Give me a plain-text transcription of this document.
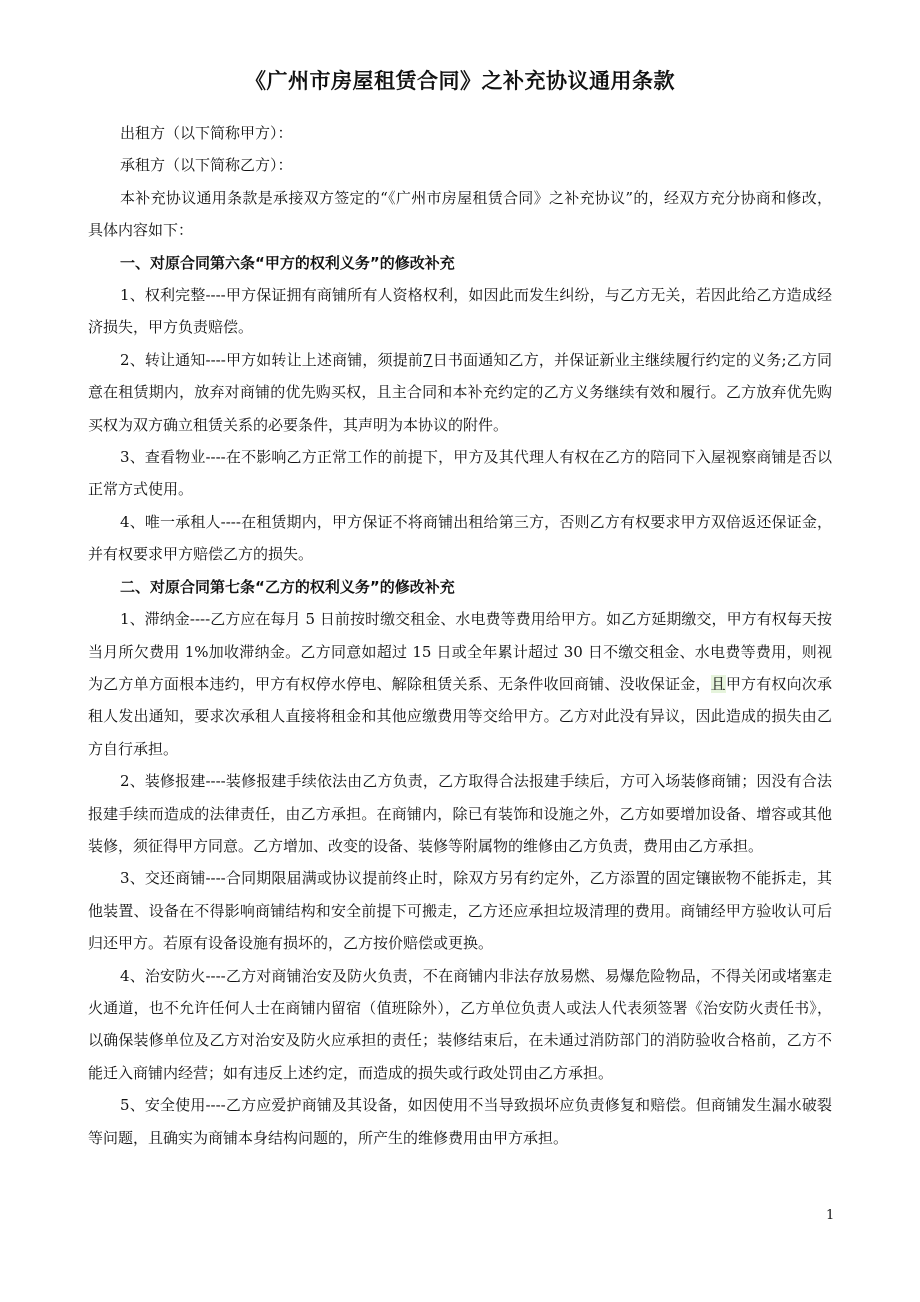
《广州市房屋租赁合同》之补充协议通用条款

出租方（以下简称甲方）：

承租方（以下简称乙方）：

本补充协议通用条款是承接双方签定的“《广州市房屋租赁合同》之补充协议”的，经双方充分协商和修改，具体内容如下：

一、对原合同第六条“甲方的权利义务”的修改补充

1、权利完整----甲方保证拥有商铺所有人资格权利，如因此而发生纠纷，与乙方无关，若因此给乙方造成经济损失，甲方负责赔偿。

2、转让通知----甲方如转让上述商铺，须提前7日书面通知乙方，并保证新业主继续履行约定的义务;乙方同意在租赁期内，放弃对商铺的优先购买权，且主合同和本补充约定的乙方义务继续有效和履行。乙方放弃优先购买权为双方确立租赁关系的必要条件，其声明为本协议的附件。

3、查看物业----在不影响乙方正常工作的前提下，甲方及其代理人有权在乙方的陪同下入屋视察商铺是否以正常方式使用。

4、唯一承租人----在租赁期内，甲方保证不将商铺出租给第三方，否则乙方有权要求甲方双倍返还保证金，并有权要求甲方赔偿乙方的损失。

二、对原合同第七条“乙方的权利义务”的修改补充

1、滞纳金----乙方应在每月 5 日前按时缴交租金、水电费等费用给甲方。如乙方延期缴交，甲方有权每天按当月所欠费用 1%加收滞纳金。乙方同意如超过 15 日或全年累计超过 30 日不缴交租金、水电费等费用，则视为乙方单方面根本违约，甲方有权停水停电、解除租赁关系、无条件收回商铺、没收保证金，且甲方有权向次承租人发出通知，要求次承租人直接将租金和其他应缴费用等交给甲方。乙方对此没有异议，因此造成的损失由乙方自行承担。

2、装修报建----装修报建手续依法由乙方负责，乙方取得合法报建手续后，方可入场装修商铺；因没有合法报建手续而造成的法律责任，由乙方承担。在商铺内，除已有装饰和设施之外，乙方如要增加设备、增容或其他装修，须征得甲方同意。乙方增加、改变的设备、装修等附属物的维修由乙方负责，费用由乙方承担。

3、交还商铺----合同期限届满或协议提前终止时，除双方另有约定外，乙方添置的固定镶嵌物不能拆走，其他装置、设备在不得影响商铺结构和安全前提下可搬走，乙方还应承担垃圾清理的费用。商铺经甲方验收认可后归还甲方。若原有设备设施有损坏的，乙方按价赔偿或更换。

4、治安防火----乙方对商铺治安及防火负责，不在商铺内非法存放易燃、易爆危险物品，不得关闭或堵塞走火通道，也不允许任何人士在商铺内留宿（值班除外），乙方单位负责人或法人代表须签署《治安防火责任书》，以确保装修单位及乙方对治安及防火应承担的责任；装修结束后，在未通过消防部门的消防验收合格前，乙方不能迁入商铺内经营；如有违反上述约定，而造成的损失或行政处罚由乙方承担。

5、安全使用----乙方应爱护商铺及其设备，如因使用不当导致损坏应负责修复和赔偿。但商铺发生漏水破裂等问题，且确实为商铺本身结构问题的，所产生的维修费用由甲方承担。

1
